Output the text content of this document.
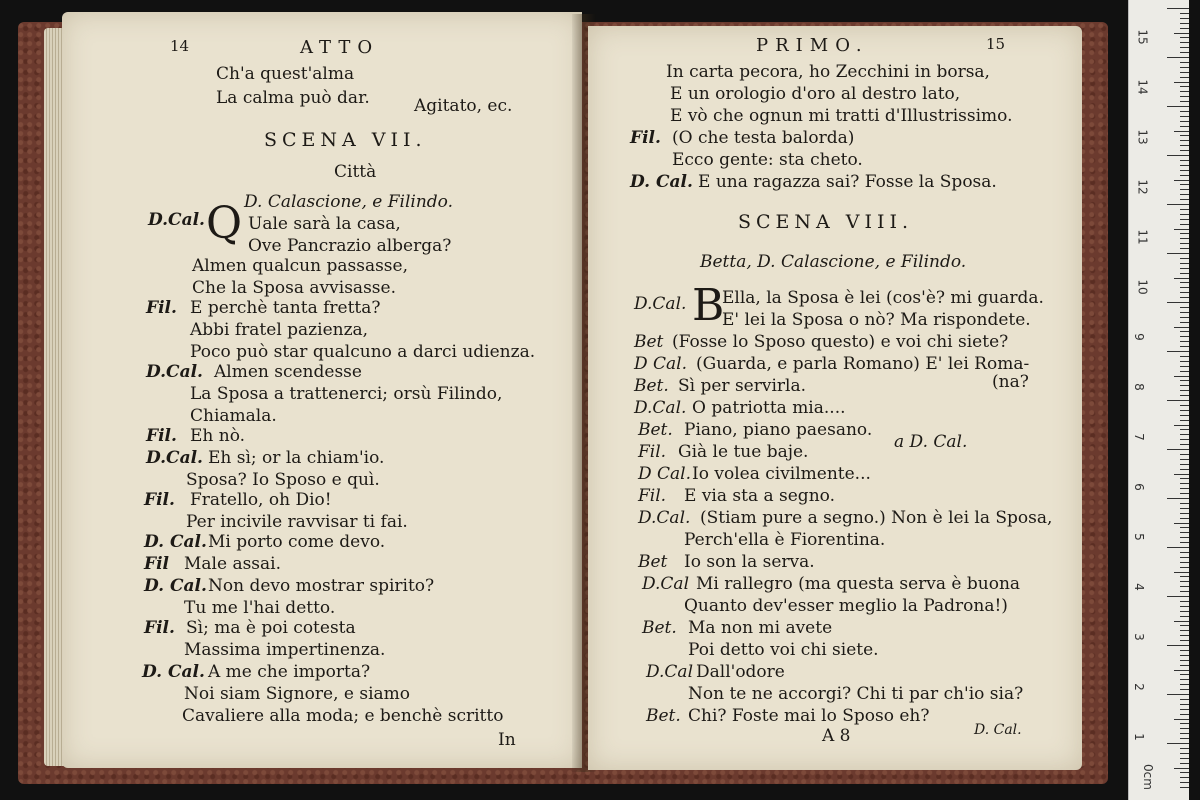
14	ATTO
Ch'a quest'alma
La calma può dar.	Agitato, ec.
SCENA VII.
Città
D. Calascione, e Filindo.
Q
D.Cal.	Uale sarà la casa,
Ove Pancrazio alberga?
Almen qualcun passasse,
Che la Sposa avvisasse.
Fil. E perchè tanta fretta?
Abbi fratel pazienza,
Poco può star qualcuno a darci udienza.
D.Cal. Almen scendesse
La Sposa a trattenerci; orsù Filindo,
Chiamala.
Fil. Eh nò.
D.Cal. Eh sì; or la chiam'io.
Sposa? Io Sposo e quì.
Fil. Fratello, oh Dio!
Per incivile ravvisar ti fai.
D. Cal. Mi porto come devo.
Fil Male assai.
D. Cal. Non devo mostrar spirito?
Tu me l'hai detto.
Fil. Sì; ma è poi cotesta
Massima impertinenza.
D. Cal. A me che importa?
Noi siam Signore, e siamo
Cavaliere alla moda; e benchè scritto
In
PRIMO.	15
In carta pecora, ho Zecchini in borsa,
E un orologio d'oro al destro lato,
E vò che ognun mi tratti d'Illustrissimo.
Fil. (O che testa balorda)
Ecco gente: sta cheto.
D. Cal. E una ragazza sai? Fosse la Sposa.
SCENA VIII.
Betta, D. Calascione, e Filindo.
B
D.Cal. Ella, la Sposa è lei (cos'è? mi guarda.
E' lei la Sposa o nò? Ma rispondete.
Bet (Fosse lo Sposo questo) e voi chi siete?
D Cal. (Guarda, e parla Romano) E' lei Roma-
(na?
Bet. Sì per servirla.
D.Cal. O patriotta mia....
Bet. Piano, piano paesano.
Fil. Già le tue baje.	a D. Cal.
D Cal. Io volea civilmente...
Fil. E via sta a segno.
D.Cal. (Stiam pure a segno.) Non è lei la Sposa,
Perch'ella è Fiorentina.
Bet Io son la serva.
D.Cal Mi rallegro (ma questa serva è buona
Quanto dev'esser meglio la Padrona!)
Bet. Ma non mi avete
Poi detto voi chi siete.
D.Cal Dall'odore
Non te ne accorgi? Chi ti par ch'io sia?
Bet. Chi? Foste mai lo Sposo eh?
A 8	D. Cal.
15
14
13
12
11
10
9
8
7
6
5
4
3
2
1
0cm
